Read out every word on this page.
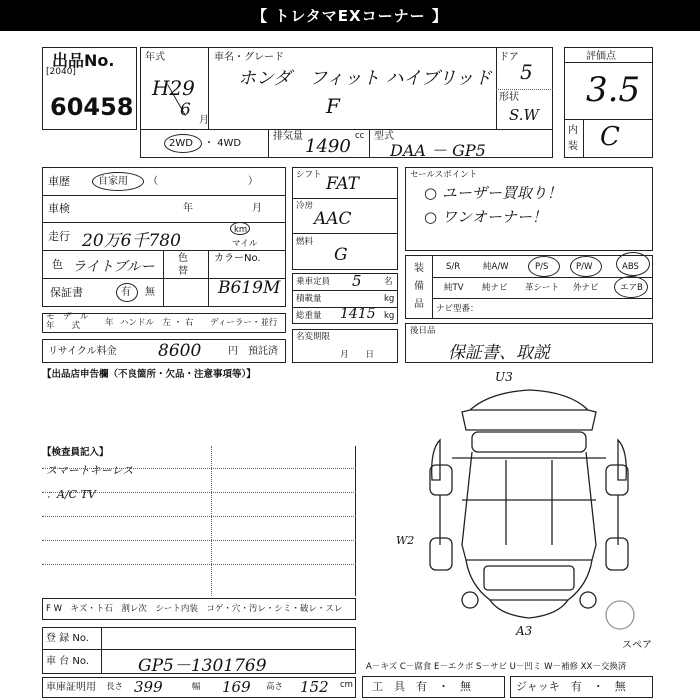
【 トレタマEXコーナー 】
出品No.
[2040]
60458
年式
H29
6
月
車名・グレード
ホンダ　フィット ハイブリッド
F
ドア
5
形状
S.W
2WD ・ 4WD
排気量 1490 cc 型式
DAA － GP5
評価点
3.5
内
装 C
車歴	自家用 （　　　　　　　　　）
車検	年	月
走行 20万6千780
km
マイル
色 ライトブルー
色
替
カラーNo.
B619M
保証書	有 無
モ　デ　ル
年　　式	年 ハンドル　左 ・ 右 ディーラー・並行
リサイクル料金 8600	円　預託済
シフト FAT
冷房
AAC
燃料
G
乗車定員 5	名
積載量	kg
総重量 1415 kg
名変期限
月　　日
セールスポイント
○ ユーザー買取り！
○ ワンオーナー！
装
備
品
S/R	純A/W	P/S	P/W	ABS
純TV 純ナビ 革シート 外ナビ	エアB
ナビ型番：
後日品
保証書、取説
【出品店申告欄（不良箇所・欠品・注意事項等）】
【検査員記入】
スマートキーレス
：A/C TV
U3
W2
A3
スペア
F W　キズ・ト石　割レ次　シート内装　コゲ・穴・汚レ・シミ・破レ・スレ
登 録 No.
車 台 No.	GP5－1301769
車庫証明用 長さ 399	幅 169 高さ 152 cm
A－キズ C－腐食 E－エクボ S－サビ U－凹ミ W－補修 XX－交換済
工　具　有　・　無	ジャッキ　有　・　無
